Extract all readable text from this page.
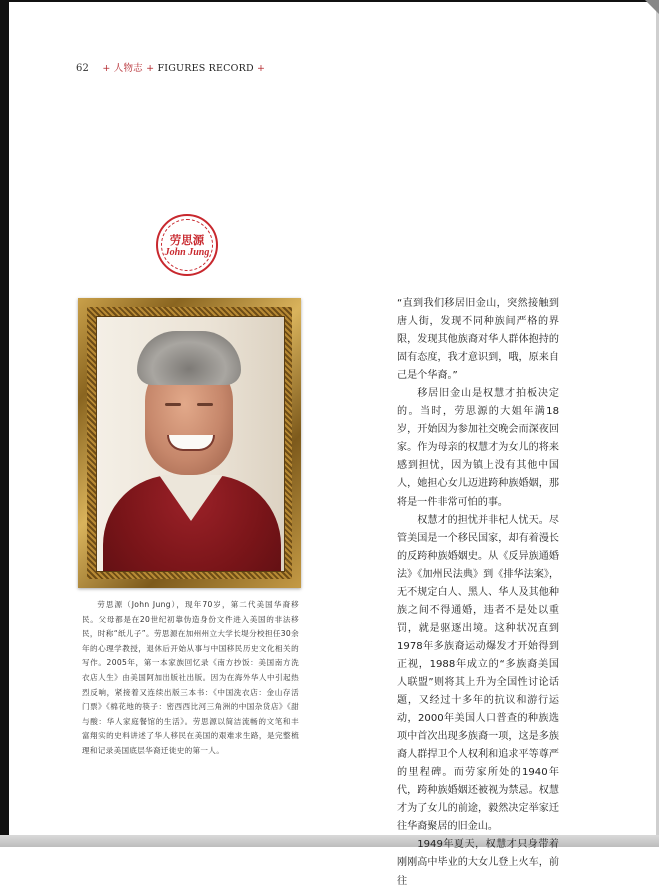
62 + 人物志 + FIGURES RECORD +
劳思源
John Jung
劳思源（John Jung），现年70岁，第二代美国华裔移民。父母都是在20世纪初靠伪造身份文件进入美国的非法移民，时称“纸儿子”。劳思源在加州州立大学长堤分校担任30余年的心理学教授，退休后开始从事与中国移民历史文化相关的写作。2005年，第一本家族回忆录《南方抄饭：美国南方洗衣店人生》由美国阿加出版社出版。因为在海外华人中引起热烈反响，紧接着又连续出版三本书：《中国洗衣店：金山存活门票》《棉花地的筷子：密西西比河三角洲的中国杂货店》《甜与酸：华人家庭餐馆的生活》。劳思源以简洁流畅的文笔和丰富翔实的史料讲述了华人移民在美国的艰难求生路，是完整梳理和记录美国底层华裔迁徙史的第一人。

“直到我们移居旧金山，突然接触到唐人街，发现不同种族间严格的界限，发现其他族裔对华人群体抱持的固有态度，我才意识到，哦，原来自己是个华裔。”

移居旧金山是权慧才拍板决定的。当时，劳思源的大姐年满18岁，开始因为参加社交晚会而深夜回家。作为母亲的权慧才为女儿的将来感到担忧，因为镇上没有其他中国人，她担心女儿迈进跨种族婚姻，那将是一件非常可怕的事。

权慧才的担忧并非杞人忧天。尽管美国是一个移民国家，却有着漫长的反跨种族婚姻史。从《反异族通婚法》《加州民法典》到《排华法案》，无不规定白人、黑人、华人及其他种族之间不得通婚，违者不是处以重罚，就是驱逐出境。这种状况直到1978年多族裔运动爆发才开始得到正视，1988年成立的“多族裔美国人联盟”则将其上升为全国性讨论话题，又经过十多年的抗议和游行运动，2000年美国人口普查的种族选项中首次出现多族裔一项，这是多族裔人群捍卫个人权利和追求平等尊严的里程碑。而劳家所处的1940年代，跨种族婚姻还被视为禁忌。权慧才为了女儿的前途，毅然决定举家迁往华裔聚居的旧金山。

1949年夏天，权慧才只身带着刚刚高中毕业的大女儿登上火车，前往
